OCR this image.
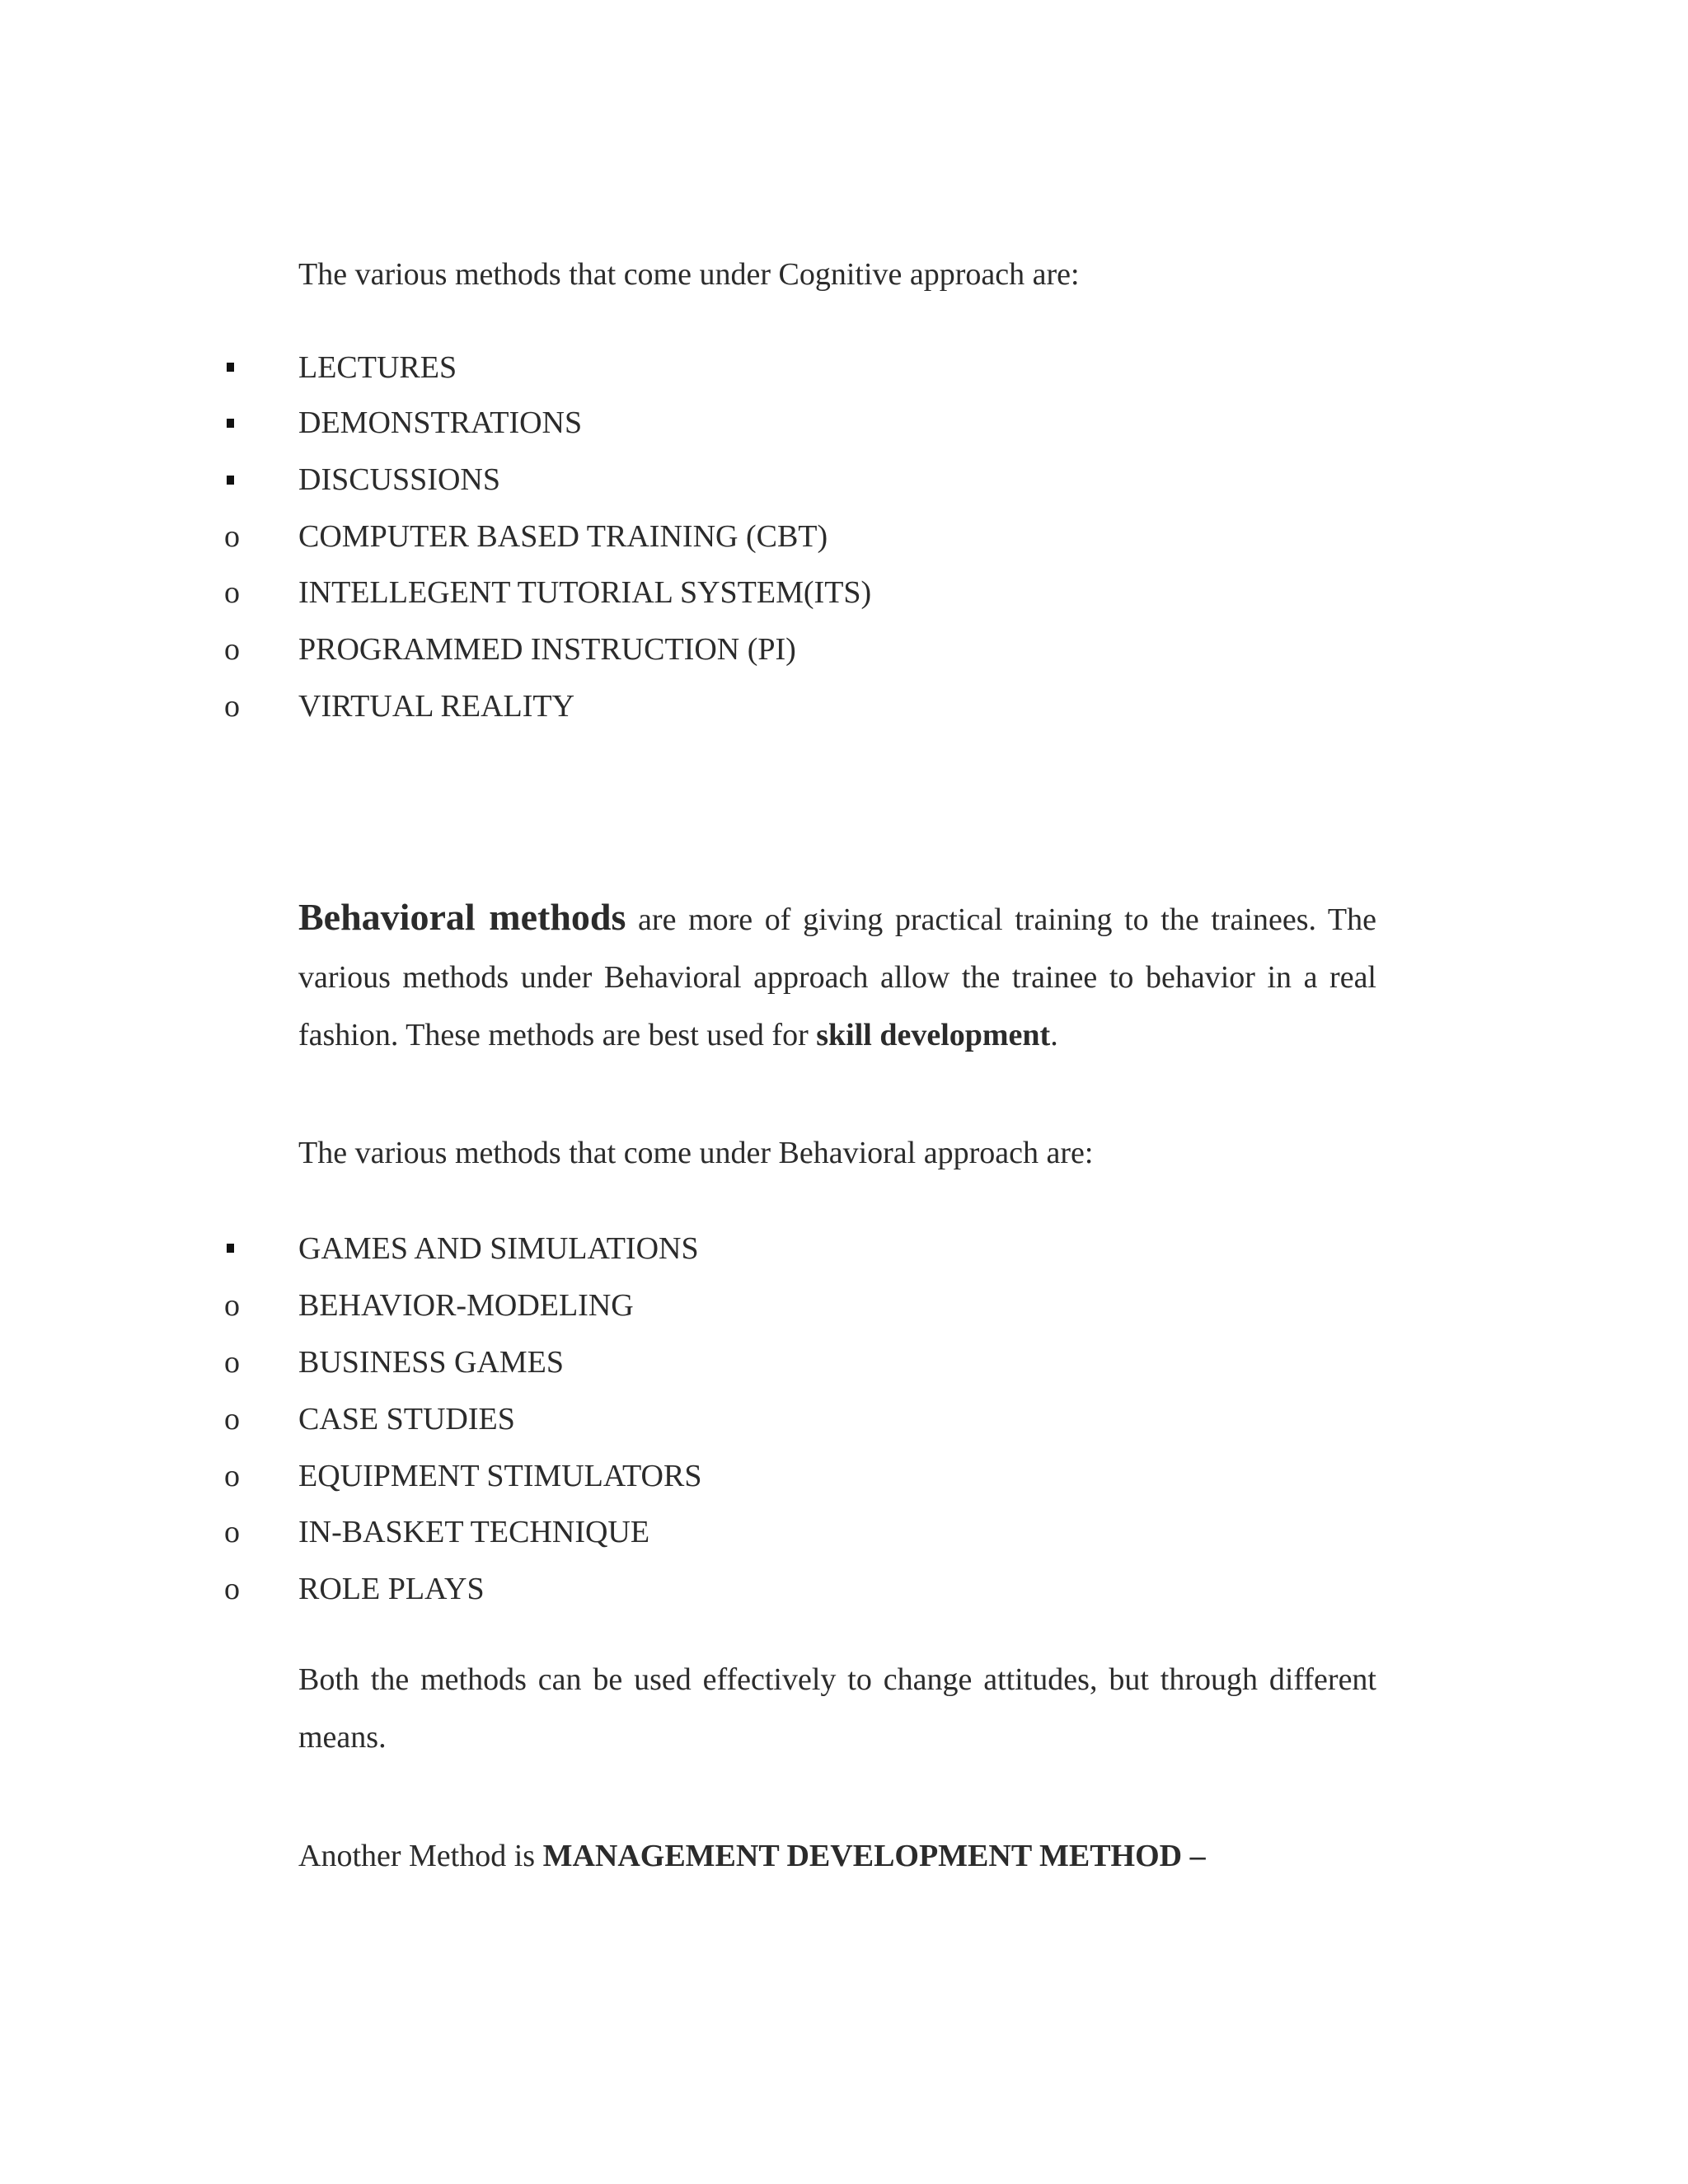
The various methods that come under Cognitive approach are:
LECTURES
DEMONSTRATIONS
DISCUSSIONS
o COMPUTER BASED TRAINING (CBT)
o INTELLEGENT TUTORIAL SYSTEM(ITS)
o PROGRAMMED INSTRUCTION (PI)
o VIRTUAL REALITY
Behavioral methods are more of giving practical training to the trainees. The various methods under Behavioral approach allow the trainee to behavior in a real fashion. These methods are best used for skill development.
The various methods that come under Behavioral approach are:
GAMES AND SIMULATIONS
o BEHAVIOR-MODELING
o BUSINESS GAMES
o CASE STUDIES
o EQUIPMENT STIMULATORS
o IN-BASKET TECHNIQUE
o ROLE PLAYS
Both the methods can be used effectively to change attitudes, but through different means.
Another Method is MANAGEMENT DEVELOPMENT METHOD –
